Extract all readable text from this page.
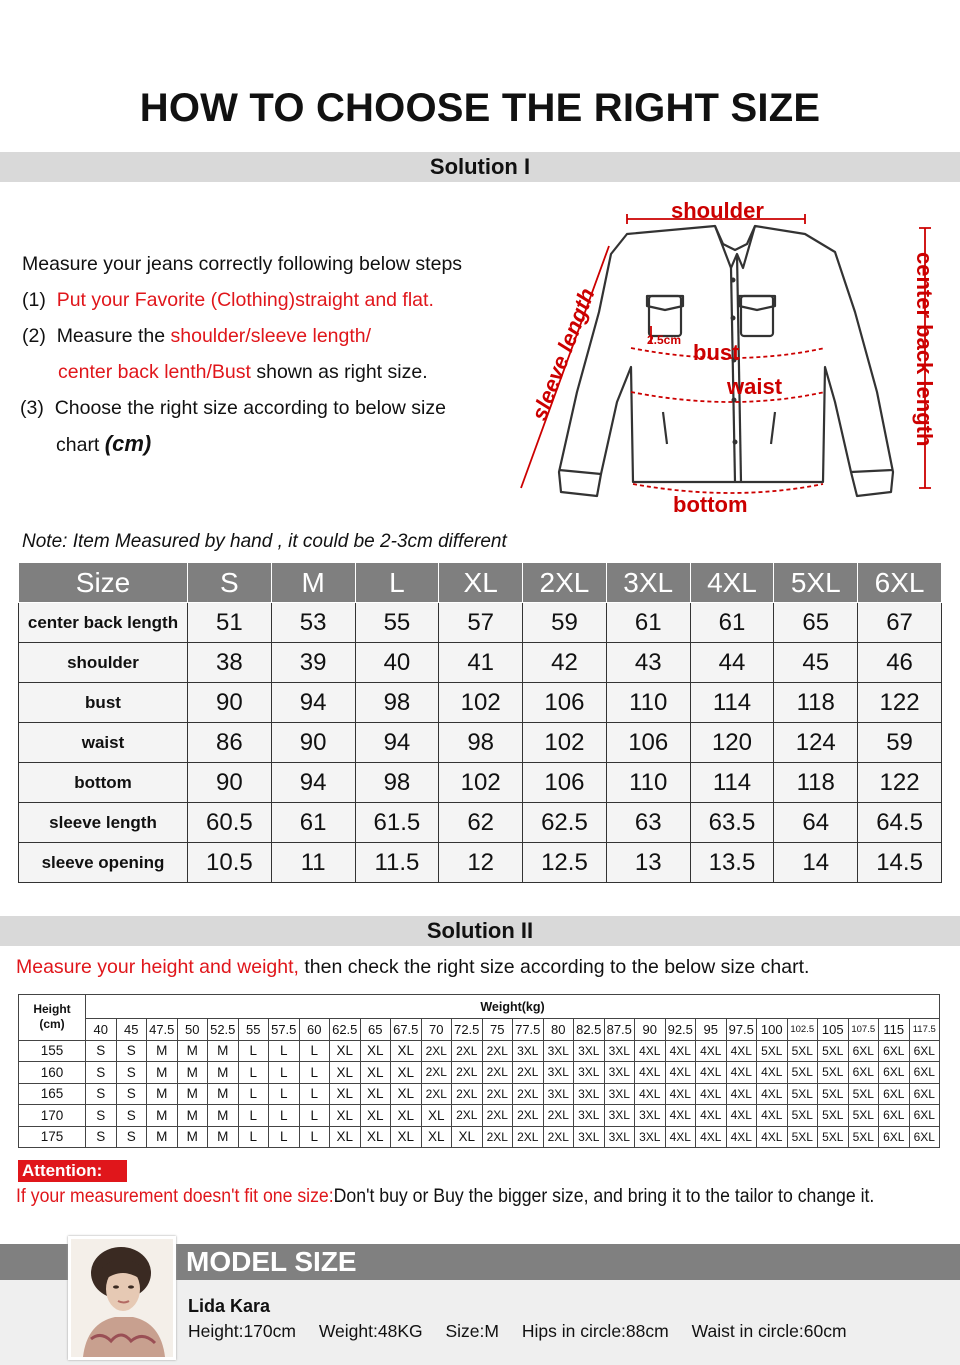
HOW TO CHOOSE THE RIGHT SIZE
Solution I
Measure your jeans correctly following below steps
(1) Put your Favorite (Clothing)straight and flat.
(2) Measure the shoulder/sleeve length/
center back lenth/Bust shown as right size.
(3) Choose the right size according to below size
chart (cm)
shoulder
center back length
sleeve length	2.5cm bust
waist
bottom
Note: Item Measured by hand , it could be 2-3cm different
Size	S	M	L	XL	2XL	3XL	4XL	5XL	6XL
center back length	51	53	55	57	59	61	61	65	67
shoulder	38	39	40	41	42	43	44	45	46
bust	90	94	98	102	106	110	114	118	122
waist	86	90	94	98	102	106	120	124	59
bottom	90	94	98	102	106	110	114	118	122
sleeve length	60.5	61	61.5	62	62.5	63	63.5	64	64.5
sleeve opening	10.5	11	11.5	12	12.5	13	13.5	14	14.5
Solution II
Measure your height and weight, then check the right size according to the below size chart.
Height
(cm)	Weight(kg)																											
	40	45	47.5	50	52.5	55	57.5	60	62.5	65	67.5	70	72.5	75	77.5	80	82.5	87.5	90	92.5	95	97.5	100	102.5	105	107.5	115	117.5
155	S	S	M	M	M	L	L	L	XL	XL	XL	2XL	2XL	2XL	3XL	3XL	3XL	3XL	4XL	4XL	4XL	4XL	5XL	5XL	5XL	6XL	6XL	6XL
160	S	S	M	M	M	L	L	L	XL	XL	XL	2XL	2XL	2XL	2XL	3XL	3XL	3XL	4XL	4XL	4XL	4XL	4XL	5XL	5XL	6XL	6XL	6XL
165	S	S	M	M	M	L	L	L	XL	XL	XL	2XL	2XL	2XL	2XL	3XL	3XL	3XL	4XL	4XL	4XL	4XL	4XL	5XL	5XL	5XL	6XL	6XL
170	S	S	M	M	M	L	L	L	XL	XL	XL	XL	2XL	2XL	2XL	2XL	3XL	3XL	3XL	4XL	4XL	4XL	4XL	5XL	5XL	5XL	6XL	6XL
175	S	S	M	M	M	L	L	L	XL	XL	XL	XL	XL	2XL	2XL	2XL	3XL	3XL	3XL	4XL	4XL	4XL	4XL	5XL	5XL	5XL	6XL	6XL
Attention:
If your measurement doesn't fit one size:Don't buy or Buy the bigger size, and bring it to the tailor to change it.
MODEL SIZE
Lida Kara
Height:170cm Weight:48KG Size:M Hips in circle:88cm Waist in circle:60cm
